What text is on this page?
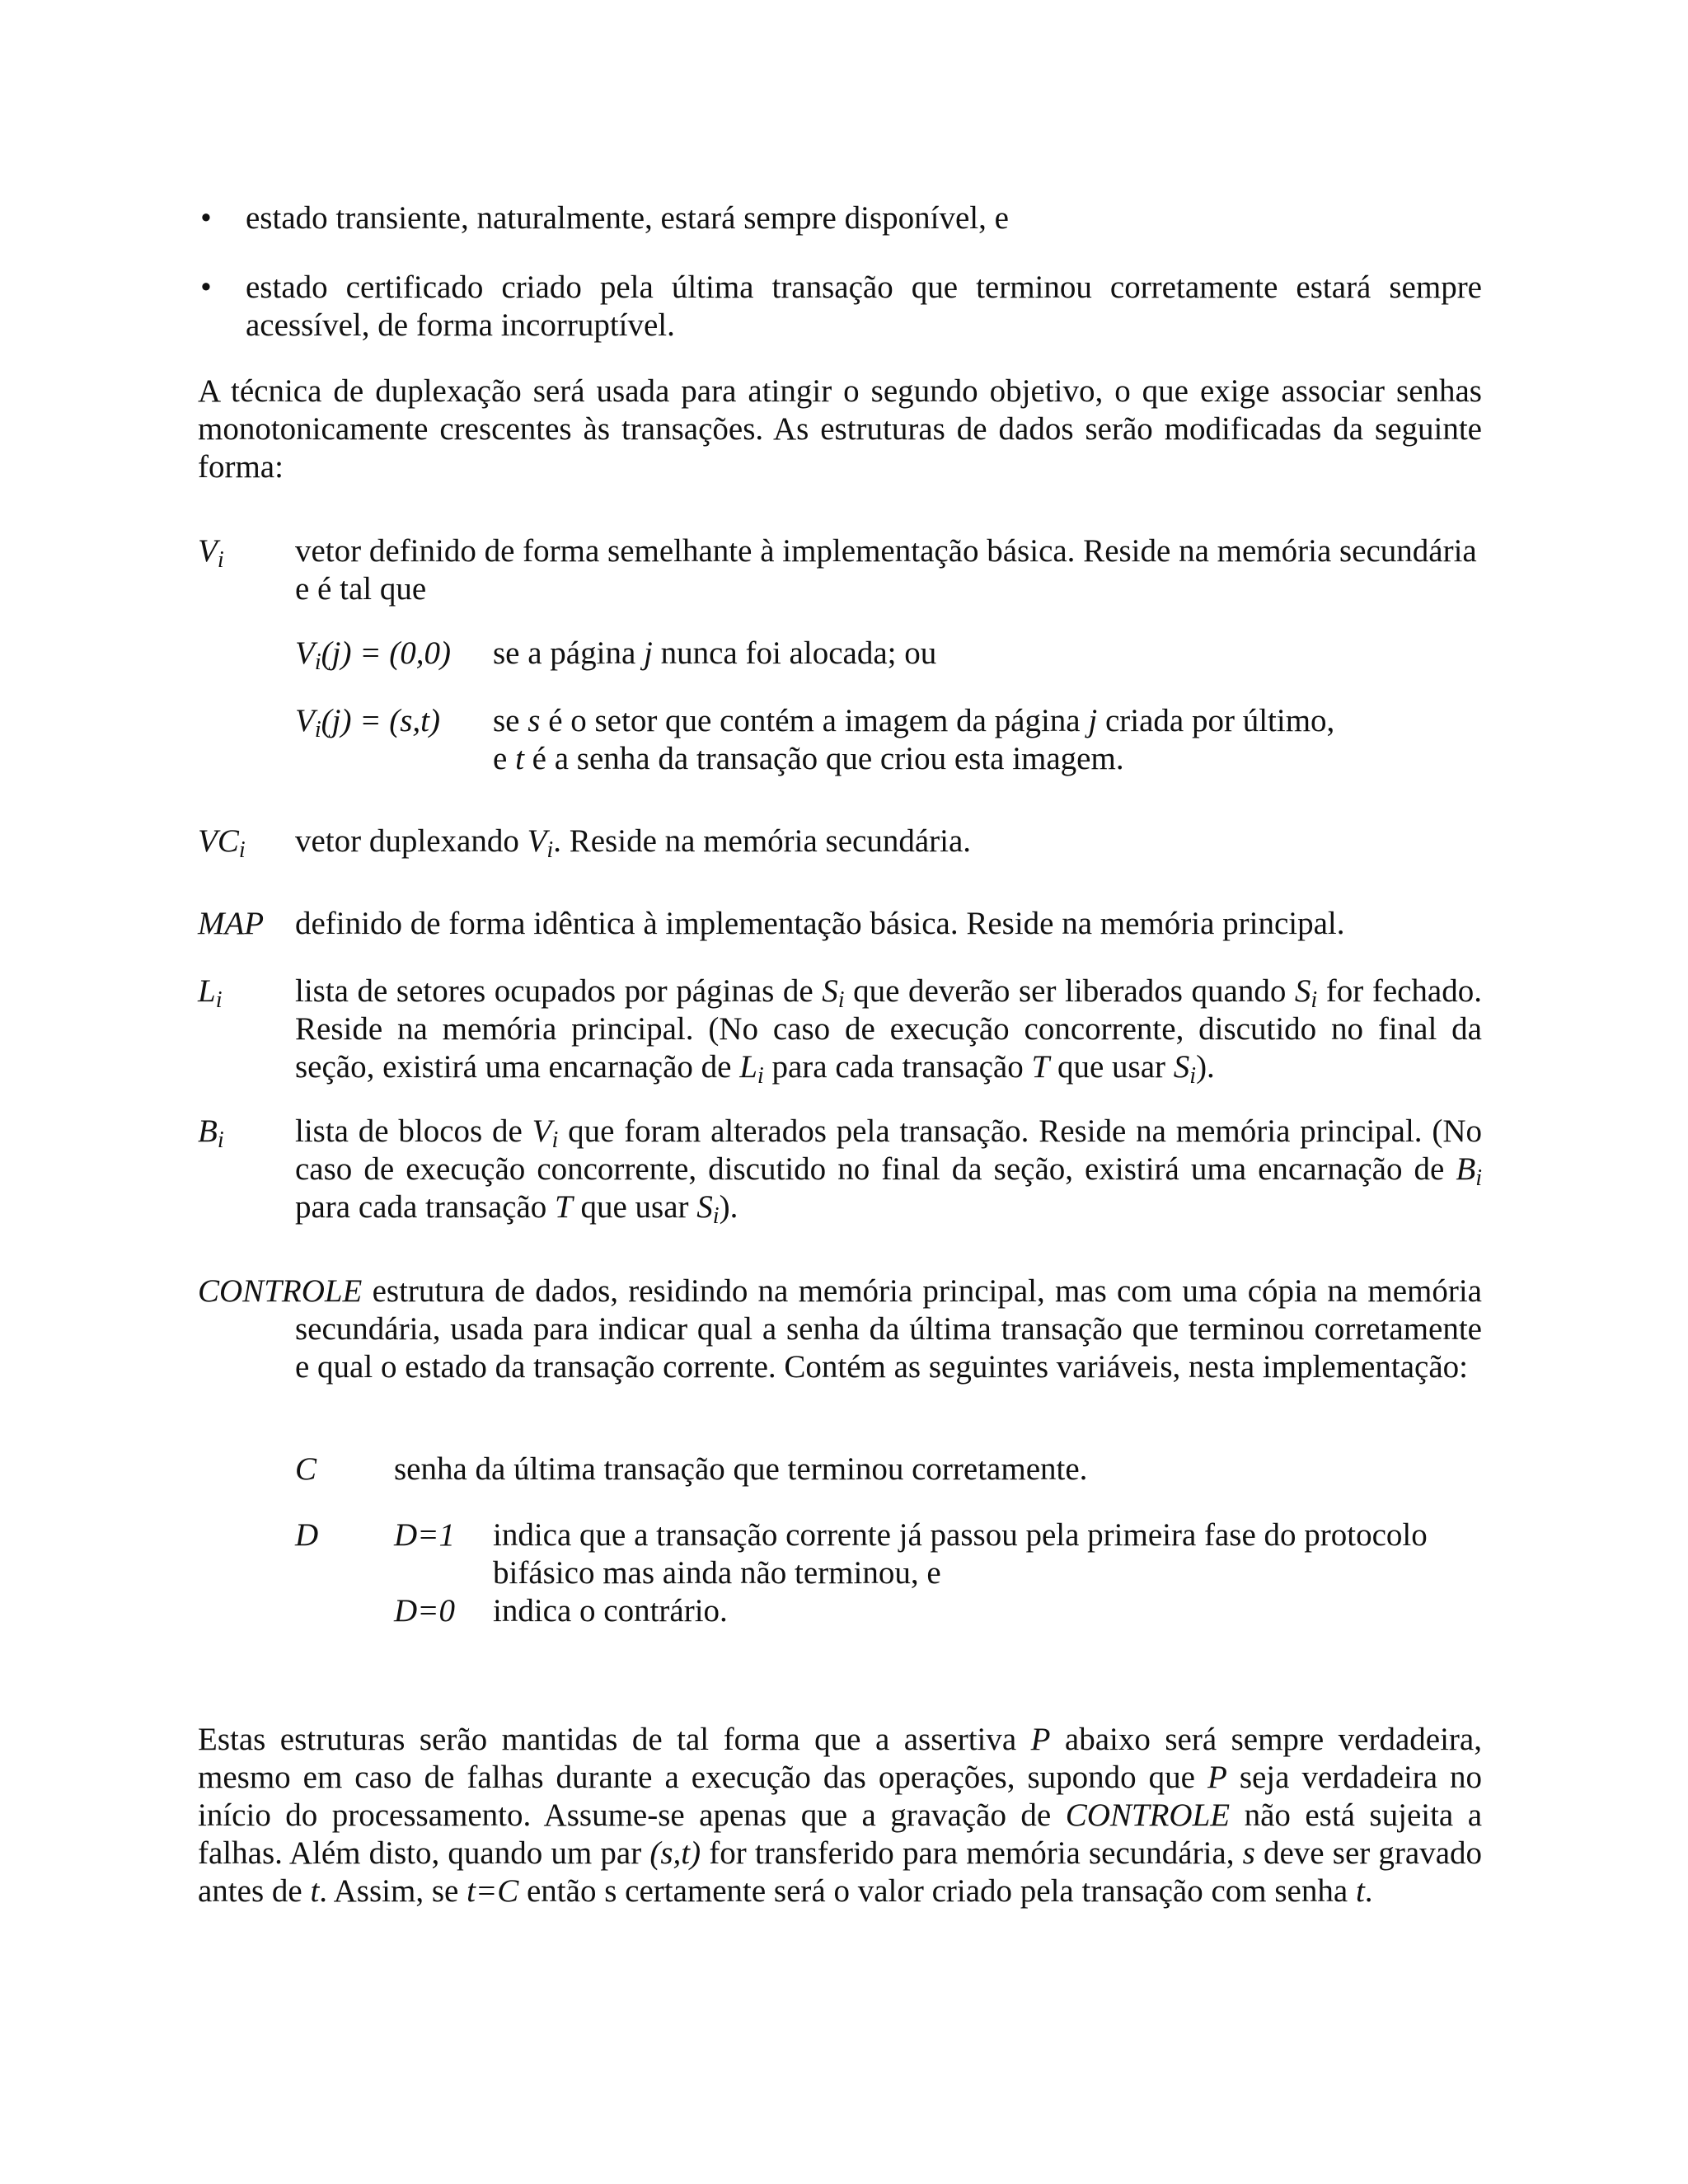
• estado transiente, naturalmente, estará sempre disponível, e

• estado certificado criado pela última transação que terminou corretamente estará sempre acessível, de forma incorruptível.

A técnica de duplexação será usada para atingir o segundo objetivo, o que exige associar senhas monotonicamente crescentes às transações. As estruturas de dados serão modificadas da seguinte forma:

$V_i$ vetor definido de forma semelhante à implementação básica. Reside na memória secundária e é tal que

$V_i(j) = (0,0)$ se a página j nunca foi alocada; ou

$V_i(j) = (s,t)$ se s é o setor que contém a imagem da página j criada por último,
e t é a senha da transação que criou esta imagem.

$VC_i$ vetor duplexando $V_i$. Reside na memória secundária.

MAP definido de forma idêntica à implementação básica. Reside na memória principal.

$L_i$ lista de setores ocupados por páginas de $S_i$ que deverão ser liberados quando $S_i$ for fechado. Reside na memória principal. (No caso de execução concorrente, discutido no final da seção, existirá uma encarnação de $L_i$ para cada transação T que usar $S_i$).

$B_i$ lista de blocos de $V_i$ que foram alterados pela transação. Reside na memória principal. (No caso de execução concorrente, discutido no final da seção, existirá uma encarnação de $B_i$ para cada transação T que usar $S_i$).

CONTROLE estrutura de dados, residindo na memória principal, mas com uma cópia na memória secundária, usada para indicar qual a senha da última transação que terminou corretamente e qual o estado da transação corrente. Contém as seguintes variáveis, nesta implementação:

C senha da última transação que terminou corretamente.

D D=1 indica que a transação corrente já passou pela primeira fase do protocolo
bifásico mas ainda não terminou, e

D=0 indica o contrário.

Estas estruturas serão mantidas de tal forma que a assertiva P abaixo será sempre verdadeira, mesmo em caso de falhas durante a execução das operações, supondo que P seja verdadeira no início do processamento. Assume-se apenas que a gravação de CONTROLE não está sujeita a falhas. Além disto, quando um par (s,t) for transferido para memória secundária, s deve ser gravado antes de t. Assim, se t=C então s certamente será o valor criado pela transação com senha t.
